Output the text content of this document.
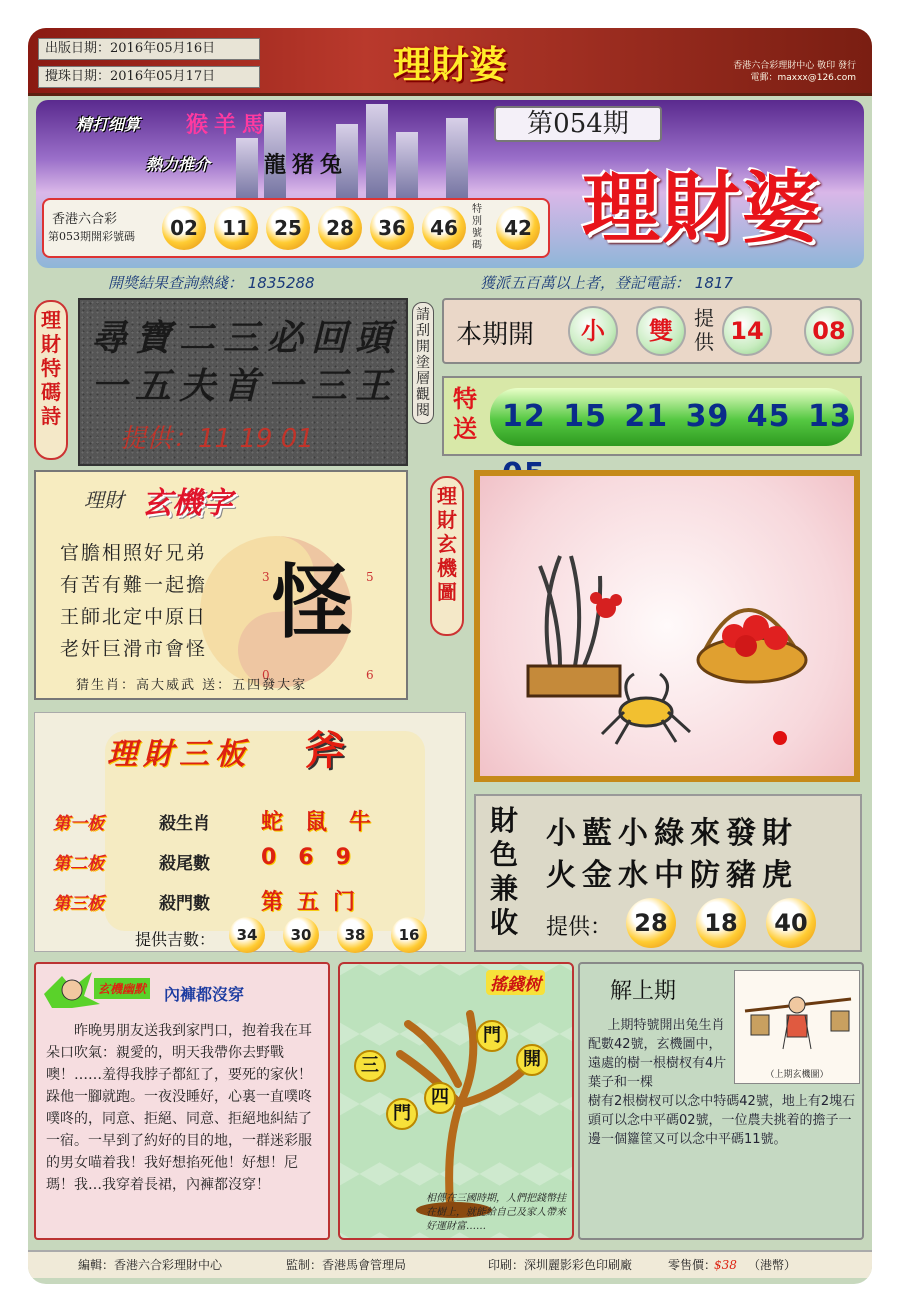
出版日期：2016年05月16日
攪珠日期：2016年05月17日	理財婆	香港六合彩理財中心 敬印 發行
電郵：maxxx@126.com
精打细算 猴羊馬
熱力推介 龍猪兔
第054期
理財婆
香港六合彩
第053期開彩號碼	02	11	25	28	36	46
特別號碼
42
開獎結果查詢熱綫： 1835288	獲派五百萬以上者，登記電話： 1817
理財特碼詩
尋寶二三必回頭
一五夫首一三王
提供：11 19 01
請刮開塗層觀閱
本期開	小	雙	提供 14	08
特送 12 15 21 39 45 13
理財 玄機字
官膽相照好兄弟
有苦有難一起擔
王師北定中原日
老奸巨滑市會怪 怪
3	5
0	6
猜生肖：高大威武 送：五四發大家
理財玄機圖
理財三板 斧
第一板	殺生肖 蛇鼠牛
第二板	殺尾數 069
第三板	殺門數 第五门
提供吉數：	34	30	38	16
財色兼收
小藍小綠來發財
火金水中防豬虎
提供： 28	18	40
玄機幽默 內褲都沒穿
昨晚男朋友送我到家門口，抱着我在耳朵口吹氣：親愛的，明天我帶你去野戰噢！……羞得我脖子都紅了，要死的家伙！跺他一腳就跑。一夜没睡好，心裏一直噗咚噗咚的，同意、拒絕、同意、拒絕地糾結了一宿。一早到了約好的目的地，一群迷彩服的男女喵着我！我好想掐死他！好想！尼瑪！我…我穿着長裙，內褲都沒穿！
搖錢树
三
門
四
門
開
相傳在三國時期，人們把錢幣挂在樹上，就能給自己及家人帶來好運財富……
解上期
（上期玄機圖）
上期特號開出兔生肖配數42號，玄機圖中，遠處的樹一根樹杈有4片葉子和一棵
樹有2根樹杈可以念中特碼42號，地上有2塊石頭可以念中平碼02號，一位農夫挑着的擔子一邊一個籮筐又可以念中平碼11號。
編輯：香港六合彩理財中心	監制：香港馬會管理局	印刷：深圳麗影彩色印刷廠	零售價：
$38 （港幣）
